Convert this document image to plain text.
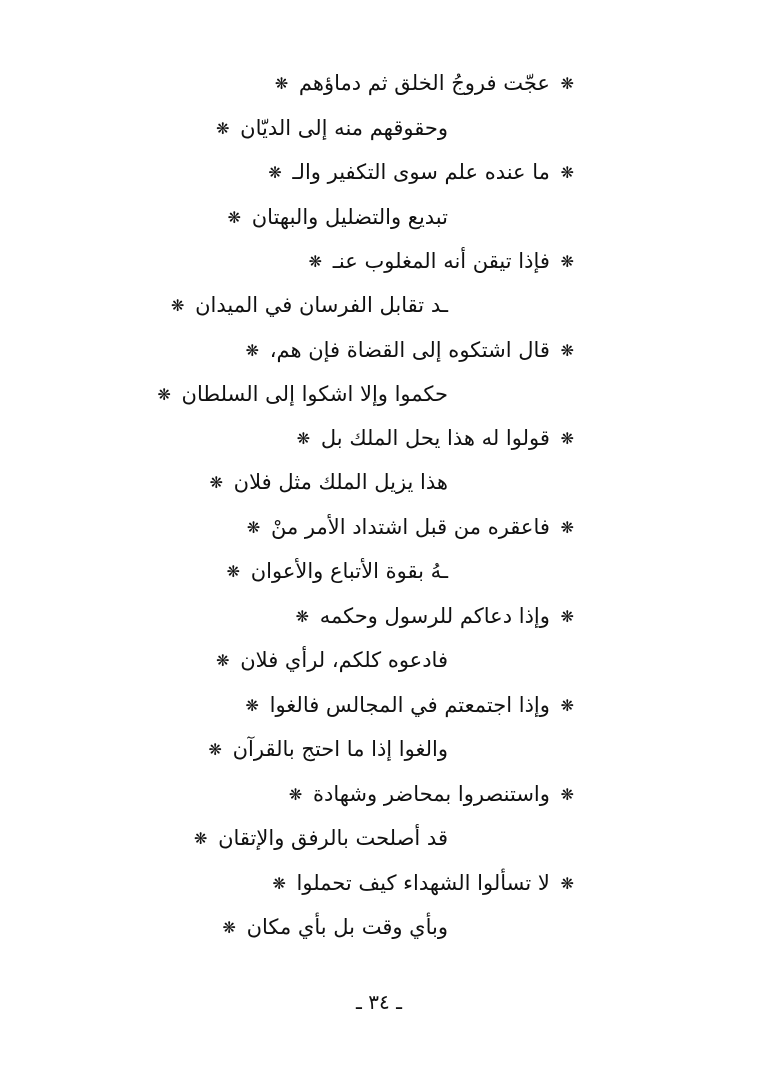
❋ عجّت فروجُ الخلق ثم دماؤهم ❋
وحقوقهم منه إلى الديّان ❋
❋ ما عنده علم سوى التكفير والـ ❋
تبديع والتضليل والبهتان ❋
❋ فإذا تيقن أنه المغلوب عنـ ❋
ـد تقابل الفرسان في الميدان ❋
❋ قال اشتكوه إلى القضاة فإن هم، ❋
حكموا وإلا اشكوا إلى السلطان ❋
❋ قولوا له هذا يحل الملك بل ❋
هذا يزيل الملك مثل فلان ❋
❋ فاعقره من قبل اشتداد الأمر منْ ❋
ـهُ بقوة الأتباع والأعوان ❋
❋ وإذا دعاكم للرسول وحكمه ❋
فادعوه كلكم، لرأي فلان ❋
❋ وإذا اجتمعتم في المجالس فالغوا ❋
والغوا إذا ما احتج بالقرآن ❋
❋ واستنصروا بمحاضر وشهادة ❋
قد أصلحت بالرفق والإتقان ❋
❋ لا تسألوا الشهداء كيف تحملوا ❋
وبأي وقت بل بأي مكان ❋
ـ ٣٤ ـ
